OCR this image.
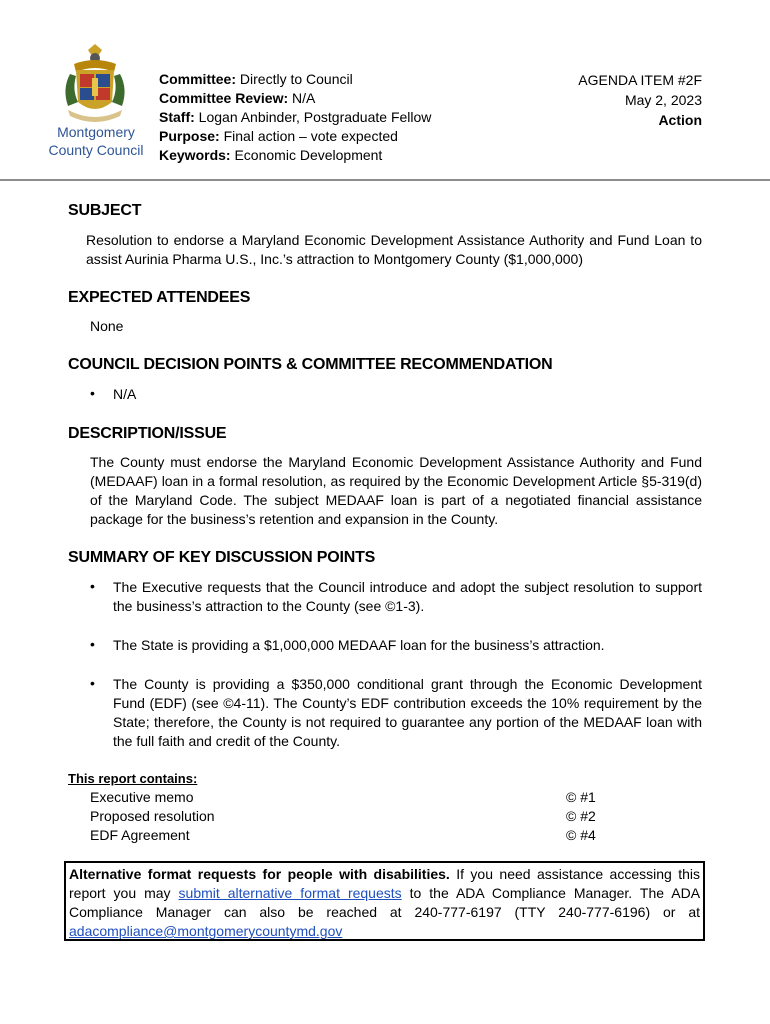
Montgomery
County Council
Committee: Directly to Council
Committee Review: N/A
Staff: Logan Anbinder, Postgraduate Fellow
Purpose: Final action – vote expected
Keywords: Economic Development
AGENDA ITEM #2F
May 2, 2023
Action
SUBJECT
Resolution to endorse a Maryland Economic Development Assistance Authority and Fund Loan to assist Aurinia Pharma U.S., Inc.’s attraction to Montgomery County ($1,000,000)
EXPECTED ATTENDEES
None
COUNCIL DECISION POINTS & COMMITTEE RECOMMENDATION
• N/A
DESCRIPTION/ISSUE
The County must endorse the Maryland Economic Development Assistance Authority and Fund (MEDAAF) loan in a formal resolution, as required by the Economic Development Article §5-319(d) of the Maryland Code. The subject MEDAAF loan is part of a negotiated financial assistance package for the business’s retention and expansion in the County.
SUMMARY OF KEY DISCUSSION POINTS
• The Executive requests that the Council introduce and adopt the subject resolution to support the business’s attraction to the County (see ©1-3).
• The State is providing a $1,000,000 MEDAAF loan for the business’s attraction.
• The County is providing a $350,000 conditional grant through the Economic Development Fund (EDF) (see ©4-11). The County’s EDF contribution exceeds the 10% requirement by the State; therefore, the County is not required to guarantee any portion of the MEDAAF loan with the full faith and credit of the County.
This report contains:
Executive memo	© #1
Proposed resolution	© #2
EDF Agreement	© #4
Alternative format requests for people with disabilities. If you need assistance accessing this report you may submit alternative format requests to the ADA Compliance Manager. The ADA Compliance Manager can also be reached at 240-777-6197 (TTY 240-777-6196) or at adacompliance@montgomerycountymd.gov
